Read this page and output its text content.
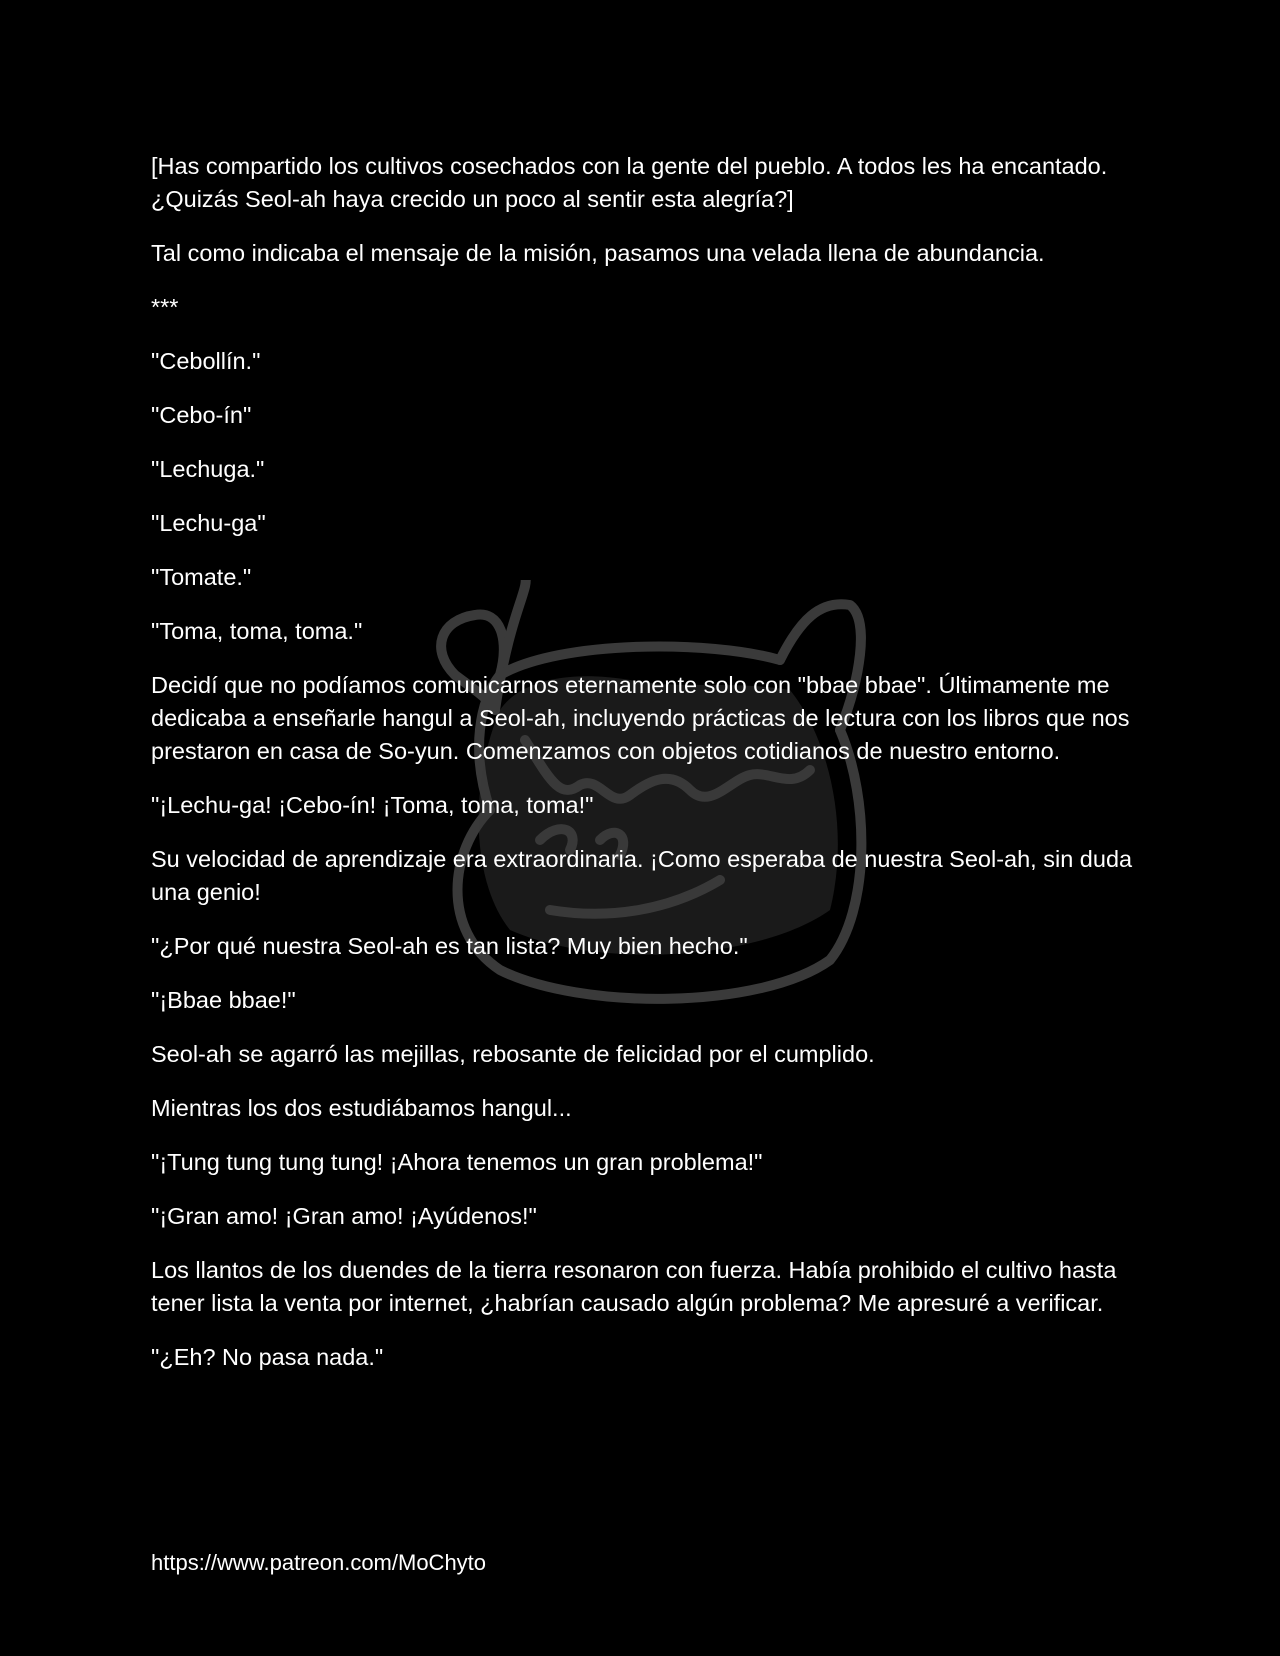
[Has compartido los cultivos cosechados con la gente del pueblo. A todos les ha encantado. ¿Quizás Seol-ah haya crecido un poco al sentir esta alegría?]

Tal como indicaba el mensaje de la misión, pasamos una velada llena de abundancia.

***

"Cebollín."

"Cebo-ín"

"Lechuga."

"Lechu-ga"

"Tomate."

"Toma, toma, toma."

Decidí que no podíamos comunicarnos eternamente solo con "bbae bbae". Últimamente me dedicaba a enseñarle hangul a Seol-ah, incluyendo prácticas de lectura con los libros que nos prestaron en casa de So-yun. Comenzamos con objetos cotidianos de nuestro entorno.

"¡Lechu-ga! ¡Cebo-ín! ¡Toma, toma, toma!"

Su velocidad de aprendizaje era extraordinaria. ¡Como esperaba de nuestra Seol-ah, sin duda una genio!

"¿Por qué nuestra Seol-ah es tan lista? Muy bien hecho."

"¡Bbae bbae!"

Seol-ah se agarró las mejillas, rebosante de felicidad por el cumplido.

Mientras los dos estudiábamos hangul...

"¡Tung tung tung tung! ¡Ahora tenemos un gran problema!"

"¡Gran amo! ¡Gran amo! ¡Ayúdenos!"

Los llantos de los duendes de la tierra resonaron con fuerza. Había prohibido el cultivo hasta tener lista la venta por internet, ¿habrían causado algún problema? Me apresuré a verificar.

"¿Eh? No pasa nada."

https://www.patreon.com/MoChyto
